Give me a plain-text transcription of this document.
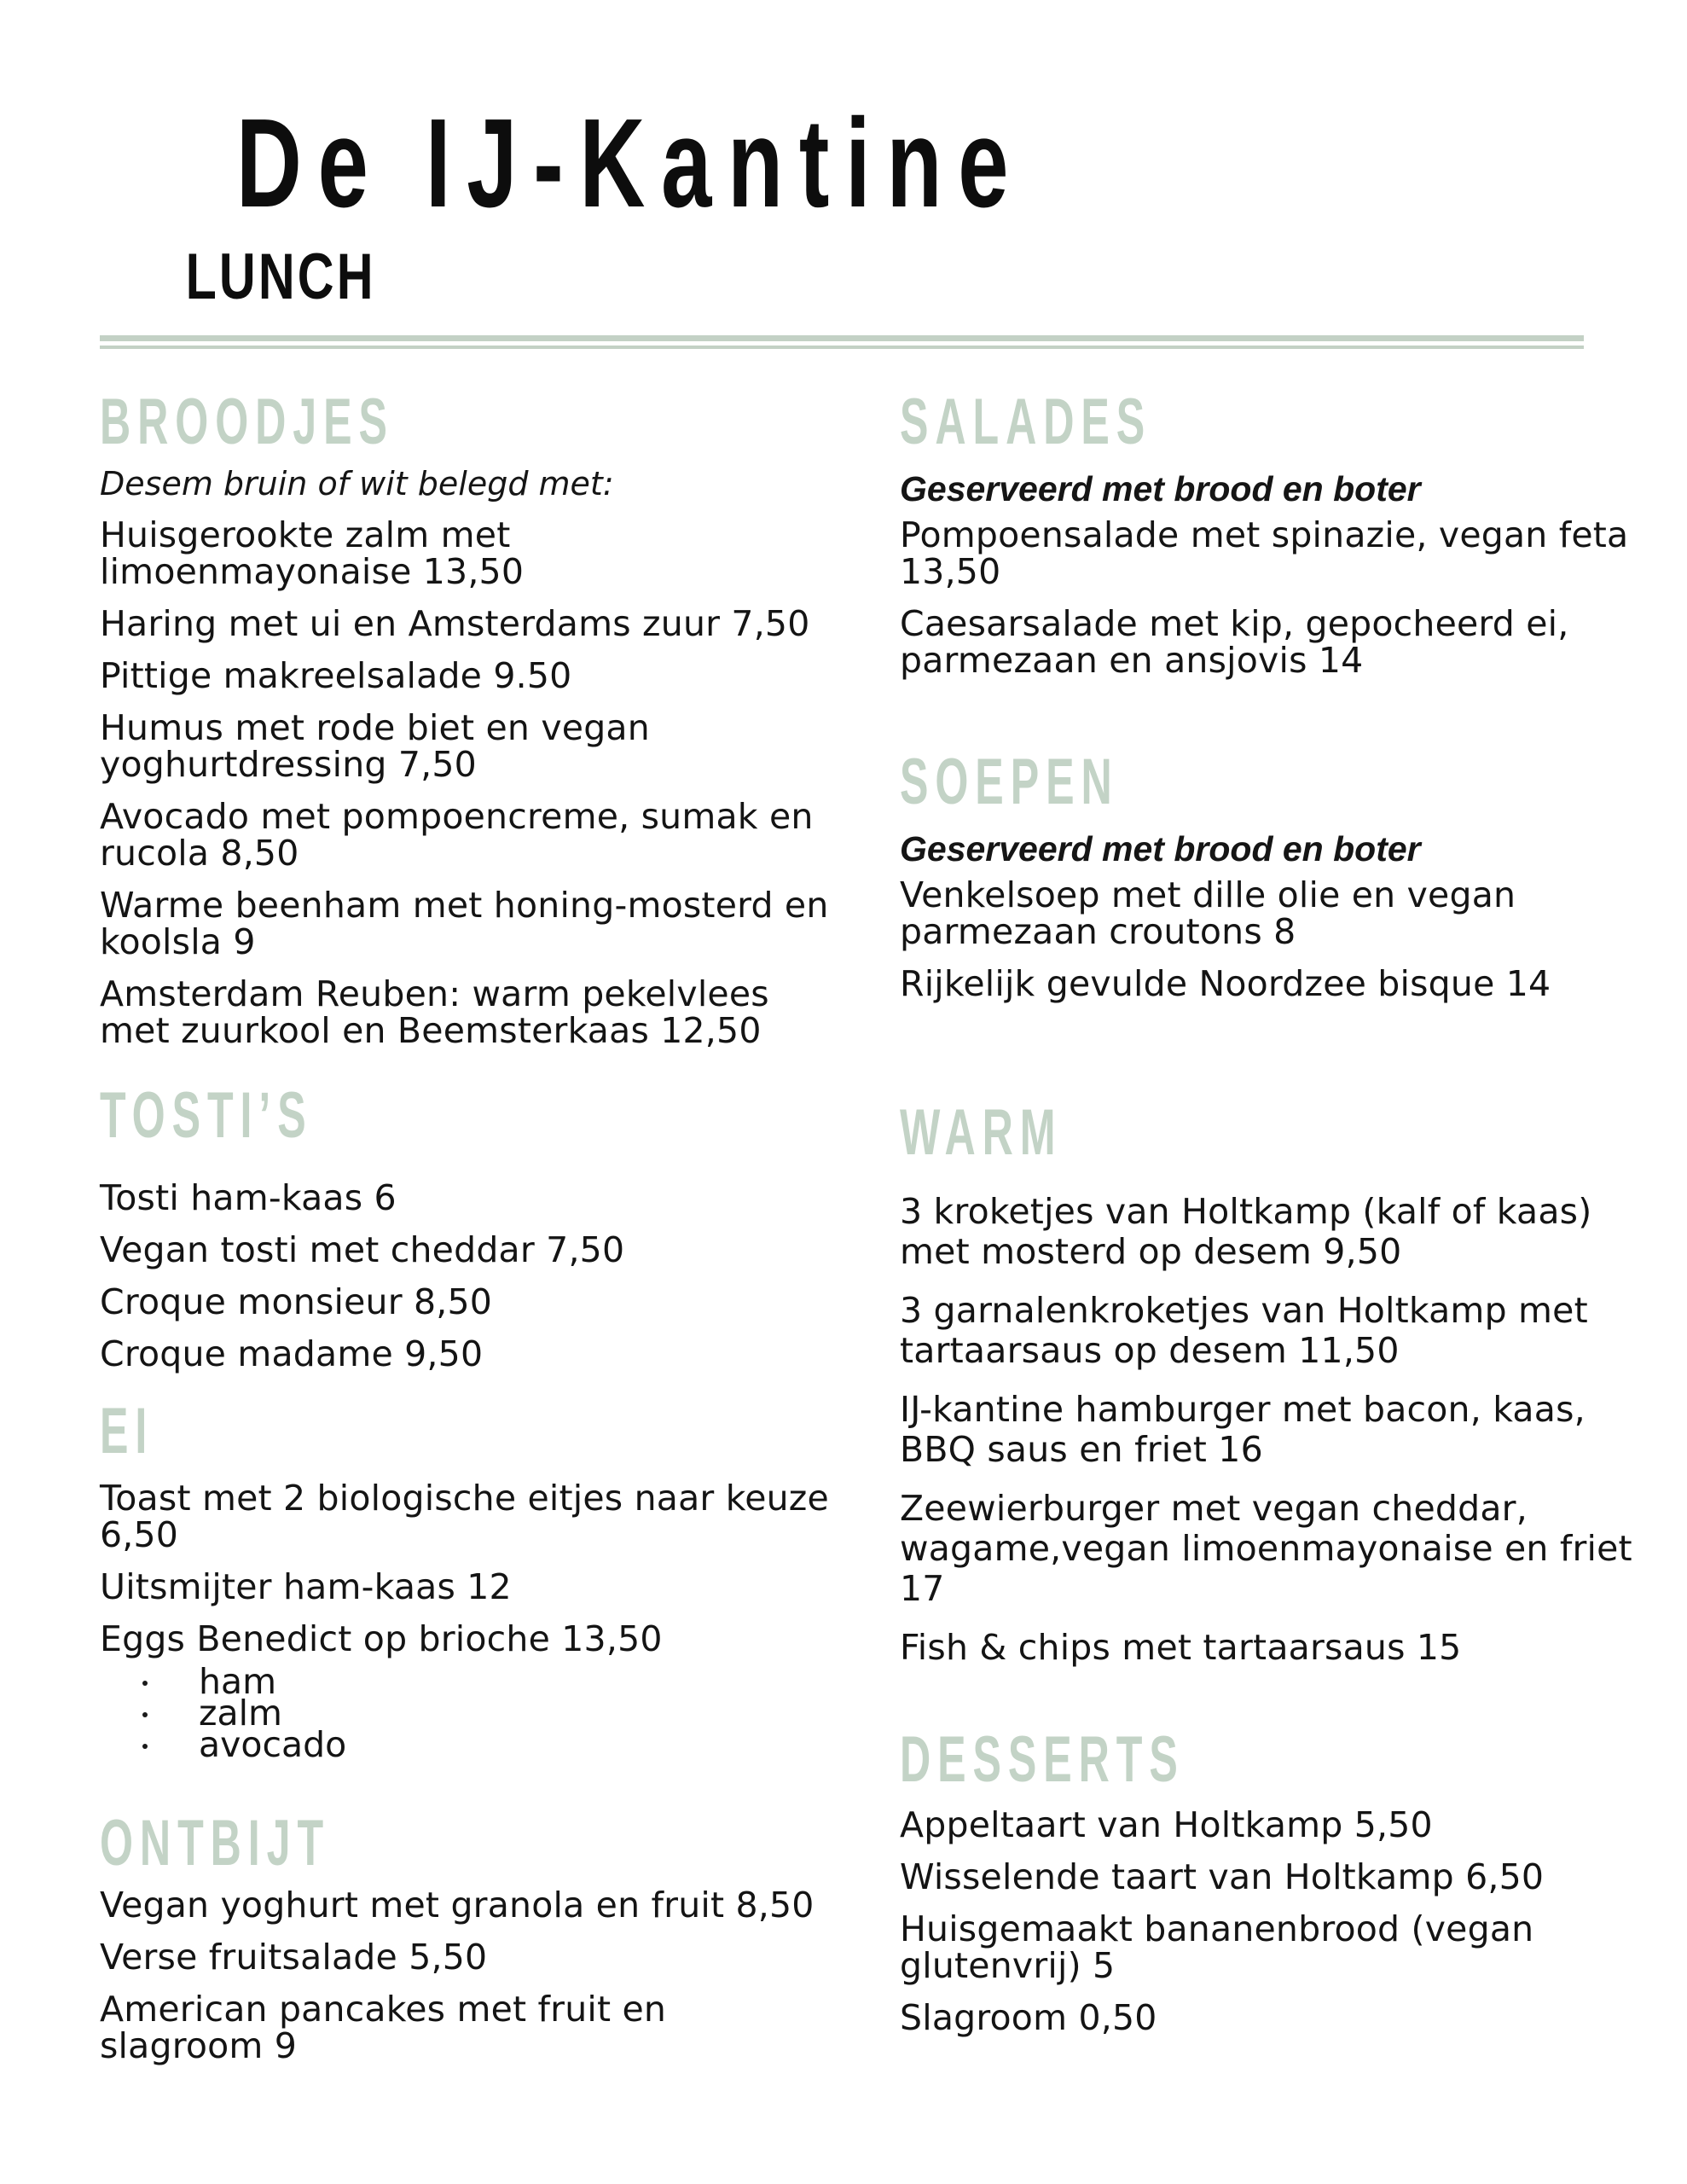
De IJ-Kantine
LUNCH
BROODJES

Desem bruin of wit belegd met:

Huisgerookte zalm met limoenmayonaise 13,50
Haring met ui en Amsterdams zuur 7,50
Pittige makreelsalade 9.50
Humus met rode biet en vegan yoghurtdressing 7,50
Avocado met pompoencreme, sumak en rucola 8,50
Warme beenham met honing-mosterd en koolsla 9
Amsterdam Reuben: warm pekelvlees met zuurkool en Beemsterkaas 12,50
TOSTI’S
Tosti ham-kaas 6
Vegan tosti met cheddar 7,50
Croque monsieur 8,50
Croque madame 9,50
EI
Toast met 2 biologische eitjes naar keuze 6,50
Uitsmijter ham-kaas 12
Eggs Benedict op brioche 13,50
ham
zalm
avocado
ONTBIJT
Vegan yoghurt met granola en fruit 8,50
Verse fruitsalade 5,50
American pancakes met fruit en slagroom 9
SALADES

Geserveerd met brood en boter

Pompoensalade met spinazie, vegan feta 13,50
Caesarsalade met kip, gepocheerd ei, parmezaan en ansjovis 14
SOEPEN

Geserveerd met brood en boter

Venkelsoep met dille olie en vegan parmezaan croutons 8
Rijkelijk gevulde Noordzee bisque 14
WARM
3 kroketjes van Holtkamp (kalf of kaas) met mosterd op desem 9,50
3 garnalenkroketjes van Holtkamp met tartaarsaus op desem 11,50
IJ-kantine hamburger met bacon, kaas, BBQ saus en friet 16
Zeewierburger met vegan cheddar, wagame,vegan limoenmayonaise en friet 17
Fish & chips met tartaarsaus 15
DESSERTS
Appeltaart van Holtkamp 5,50
Wisselende taart van Holtkamp 6,50
Huisgemaakt bananenbrood (vegan glutenvrij) 5
Slagroom 0,50
